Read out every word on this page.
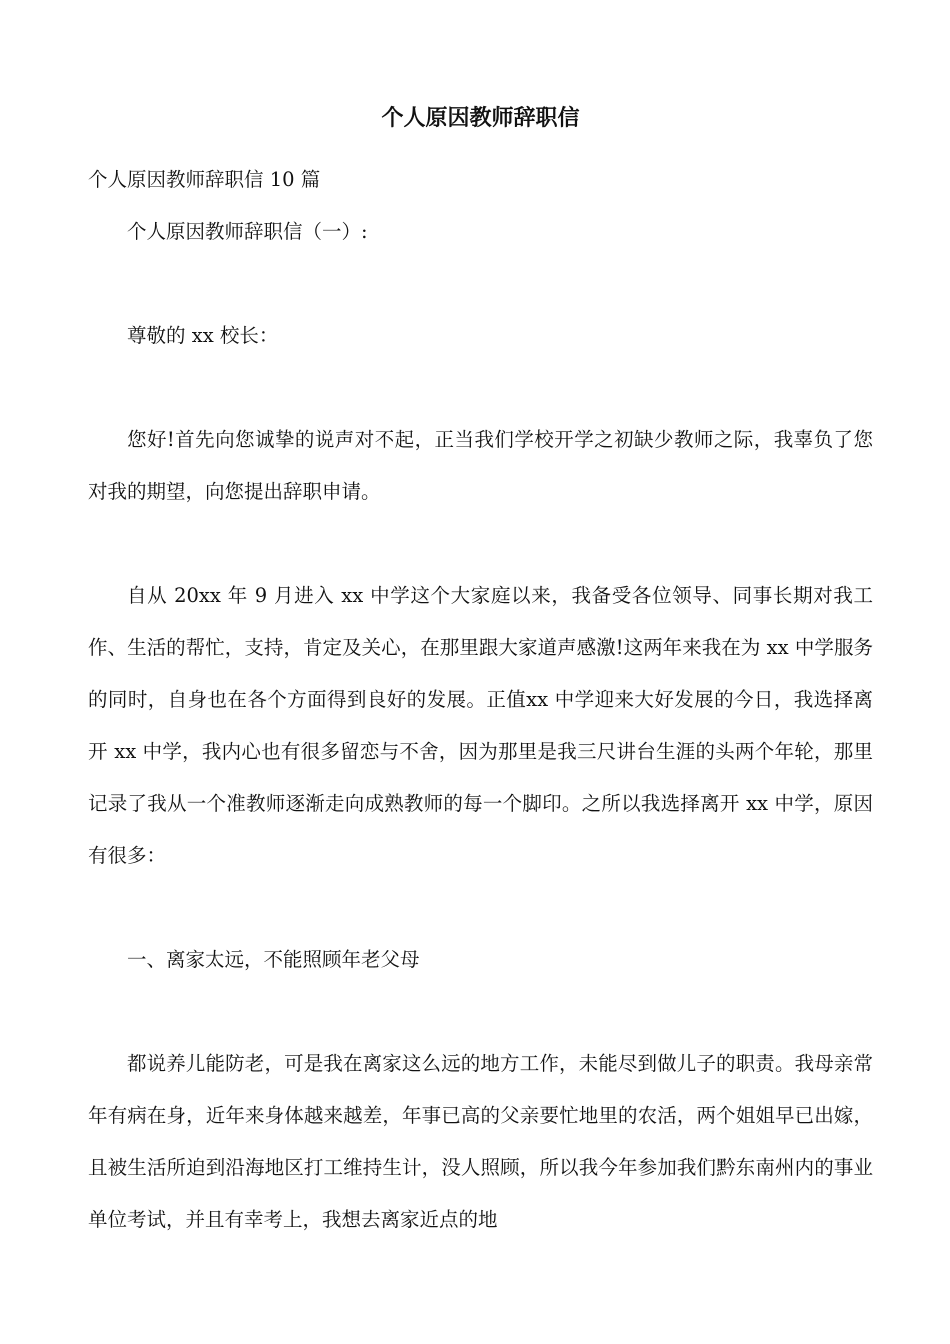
个人原因教师辞职信

个人原因教师辞职信 10 篇

个人原因教师辞职信（一）:

尊敬的 xx 校长：

您好!首先向您诚挚的说声对不起，正当我们学校开学之初缺少教师之际，我辜负了您对我的期望，向您提出辞职申请。

自从 20xx 年 9 月进入 xx 中学这个大家庭以来，我备受各位领导、同事长期对我工作、生活的帮忙，支持，肯定及关心，在那里跟大家道声感激!这两年来我在为 xx 中学服务的同时，自身也在各个方面得到良好的发展。正值xx 中学迎来大好发展的今日，我选择离开 xx 中学，我内心也有很多留恋与不舍，因为那里是我三尺讲台生涯的头两个年轮，那里记录了我从一个准教师逐渐走向成熟教师的每一个脚印。之所以我选择离开 xx 中学，原因有很多：

一、离家太远，不能照顾年老父母

都说养儿能防老，可是我在离家这么远的地方工作，未能尽到做儿子的职责。我母亲常年有病在身，近年来身体越来越差，年事已高的父亲要忙地里的农活，两个姐姐早已出嫁，且被生活所迫到沿海地区打工维持生计，没人照顾，所以我今年参加我们黔东南州内的事业单位考试，并且有幸考上，我想去离家近点的地
